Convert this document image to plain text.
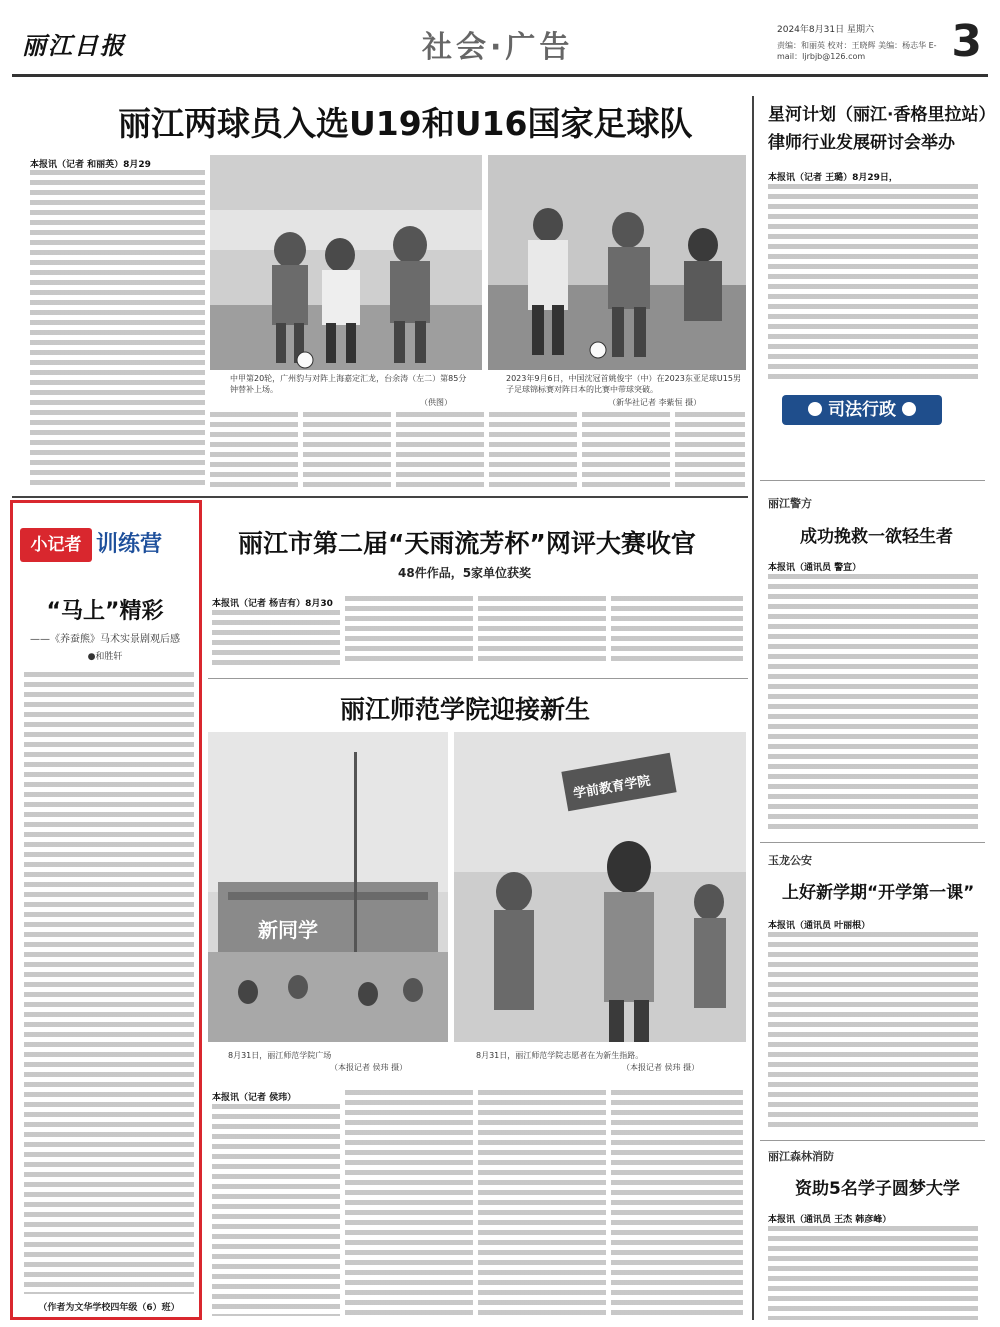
丽江日报	社会·广告	2024年8月31日 星期六
责编：和丽英 校对：王晓辉 美编：杨志华 E-mail：ljrbjb@126.com	3
丽江两球员入选U19和U16国家足球队
本报讯（记者 和丽英）8月29
中甲第20轮，广州豹与对阵上海嘉定汇龙，台余涛（左二）第85分钟替补上场。
（供图）
2023年9月6日，中国沈冠首姚俊宇（中）在2023东亚足球U15男子足球锦标赛对阵日本的比赛中带球突破。
（新华社记者 李紫恒 摄）
小记者 训练营
“马上”精彩
——《养蚕熊》马术实景剧观后感
●和胜轩
（作者为文华学校四年级（6）班）
丽江市第二届“天雨流芳杯”网评大赛收官
48件作品，5家单位获奖
本报讯（记者 杨吉有）8月30
丽江师范学院迎接新生
新同学
学前教育学院
8月31日，丽江师范学院广场
（本报记者 侯玮 摄）
8月31日，丽江师范学院志愿者在为新生指路。
（本报记者 侯玮 摄）
本报讯（记者 侯玮）
星河计划（丽江·香格里拉站）
律师行业发展研讨会举办
本报讯（记者 王璐）8月29日，
司法行政
丽江警方
成功挽救一欲轻生者
本报讯（通讯员 警宣）
玉龙公安
上好新学期“开学第一课”
本报讯（通讯员 叶丽根）
丽江森林消防
资助5名学子圆梦大学
本报讯（通讯员 王杰 韩彦峰）
